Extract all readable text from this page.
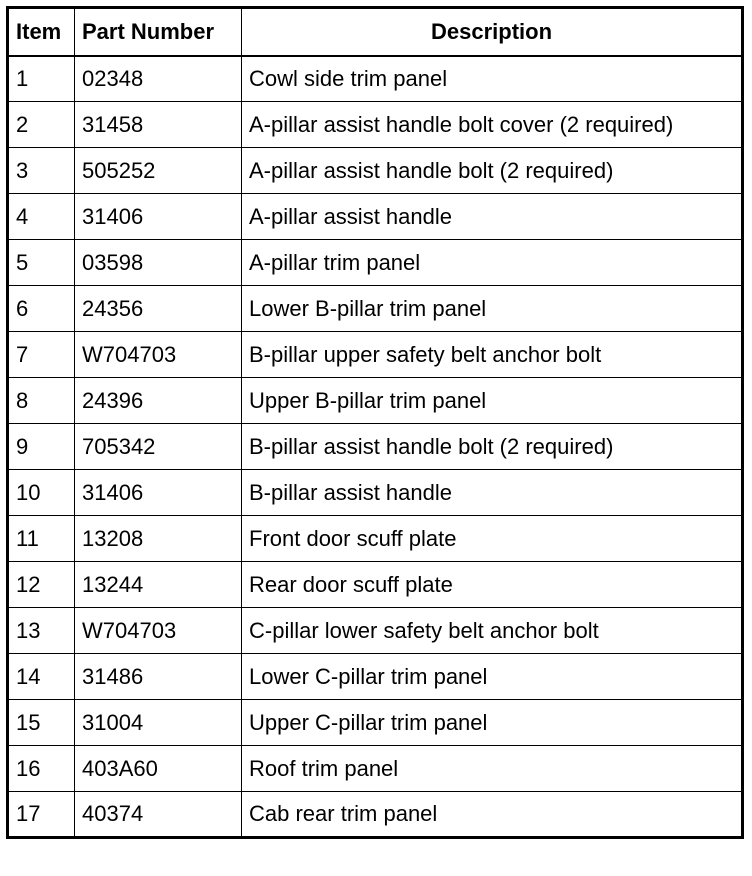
Item	Part Number	Description
1	02348	Cowl side trim panel
2	31458	A-pillar assist handle bolt cover (2 required)
3	505252	A-pillar assist handle bolt (2 required)
4	31406	A-pillar assist handle
5	03598	A-pillar trim panel
6	24356	Lower B-pillar trim panel
7	W704703	B-pillar upper safety belt anchor bolt
8	24396	Upper B-pillar trim panel
9	705342	B-pillar assist handle bolt (2 required)
10	31406	B-pillar assist handle
11	13208	Front door scuff plate
12	13244	Rear door scuff plate
13	W704703	C-pillar lower safety belt anchor bolt
14	31486	Lower C-pillar trim panel
15	31004	Upper C-pillar trim panel
16	403A60	Roof trim panel
17	40374	Cab rear trim panel
